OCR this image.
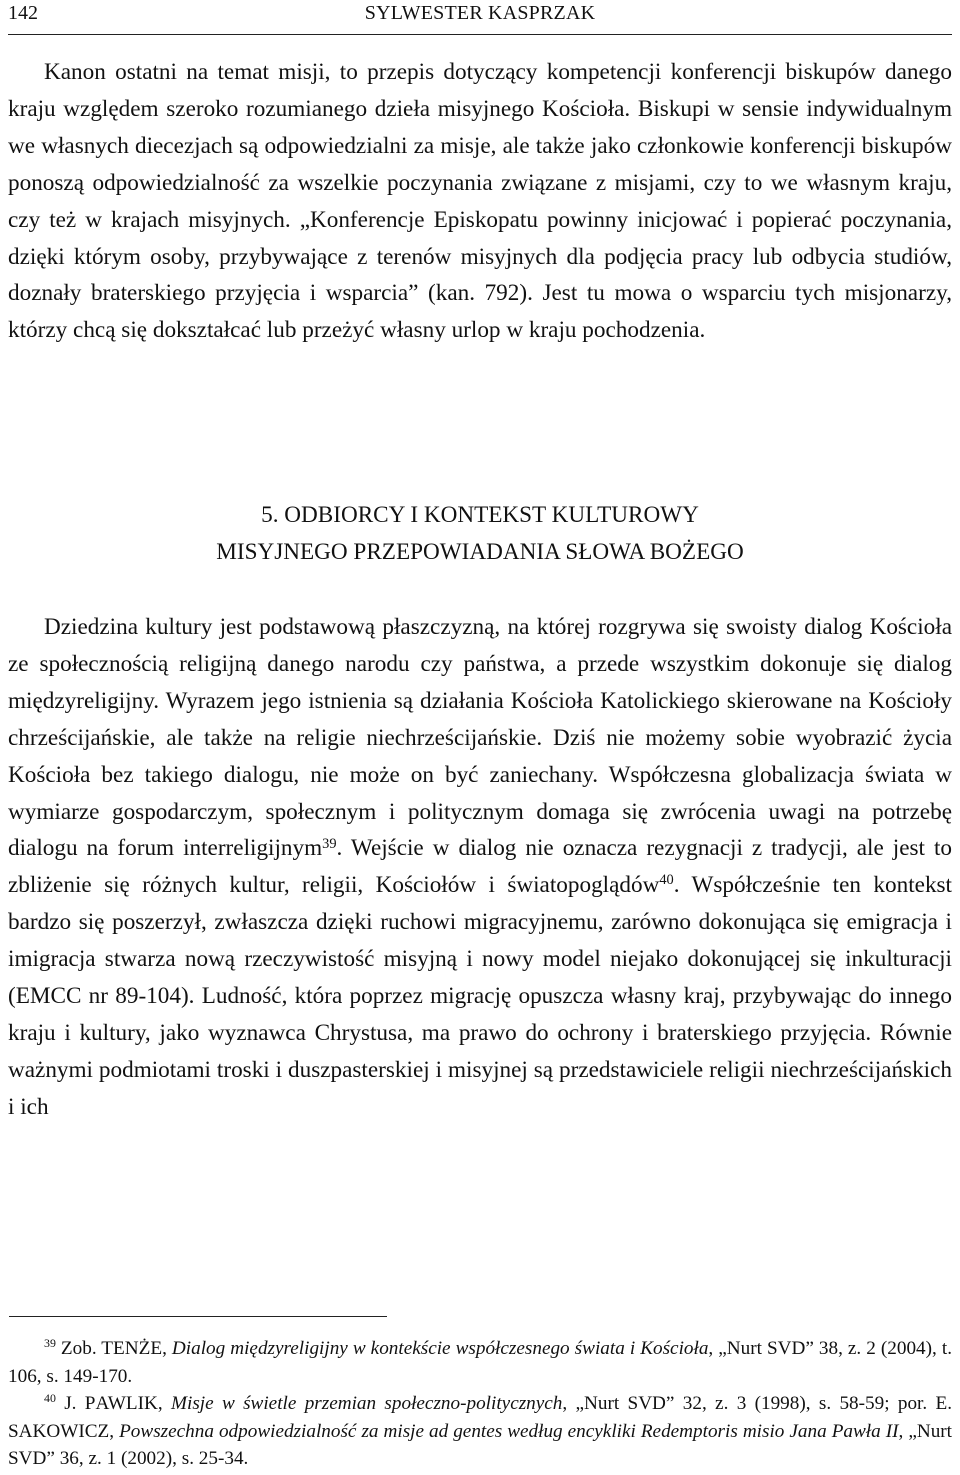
142	SYLWESTER KASPRZAK

Kanon ostatni na temat misji, to przepis dotyczący kompetencji konferencji biskupów danego kraju względem szeroko rozumianego dzieła misyjnego Kościoła. Biskupi w sensie indywidualnym we własnych diecezjach są odpowiedzialni za misje, ale także jako członkowie konferencji biskupów ponoszą odpowiedzialność za wszelkie poczynania związane z misjami, czy to we własnym kraju, czy też w krajach misyjnych. „Konferencje Episkopatu powinny inicjować i popierać poczynania, dzięki którym osoby, przybywające z terenów misyjnych dla podjęcia pracy lub odbycia studiów, doznały braterskiego przyjęcia i wsparcia” (kan. 792). Jest tu mowa o wsparciu tych misjonarzy, którzy chcą się dokształcać lub przeżyć własny urlop w kraju pochodzenia.

5. ODBIORCY I KONTEKST KULTUROWY
MISYJNEGO PRZEPOWIADANIA SŁOWA BOŻEGO

Dziedzina kultury jest podstawową płaszczyzną, na której rozgrywa się swoisty dialog Kościoła ze społecznością religijną danego narodu czy państwa, a przede wszystkim dokonuje się dialog międzyreligijny. Wyrazem jego istnienia są działania Kościoła Katolickiego skierowane na Kościoły chrześcijańskie, ale także na religie niechrześcijańskie. Dziś nie możemy sobie wyobrazić życia Kościoła bez takiego dialogu, nie może on być zaniechany. Współczesna globalizacja świata w wymiarze gospodarczym, społecznym i politycznym domaga się zwrócenia uwagi na potrzebę dialogu na forum interreligijnym$^{39}$. Wejście w dialog nie oznacza rezygnacji z tradycji, ale jest to zbliżenie się różnych kultur, religii, Kościołów i światopoglądów$^{40}$. Współcześnie ten kontekst bardzo się poszerzył, zwłaszcza dzięki ruchowi migracyjnemu, zarówno dokonująca się emigracja i imigracja stwarza nową rzeczywistość misyjną i nowy model niejako dokonującej się inkulturacji (EMCC nr 89-104). Ludność, która poprzez migrację opuszcza własny kraj, przybywając do innego kraju i kultury, jako wyznawca Chrystusa, ma prawo do ochrony i braterskiego przyjęcia. Równie ważnymi podmiotami troski i duszpasterskiej i misyjnej są przedstawiciele religii niechrześcijańskich i ich

$^{39}$ Zob. TENŻE, Dialog międzyreligijny w kontekście współczesnego świata i Kościoła, „Nurt SVD” 38, z. 2 (2004), t. 106, s. 149-170.

$^{40}$ J. PAWLIK, Misje w świetle przemian społeczno-politycznych, „Nurt SVD” 32, z. 3 (1998), s. 58-59; por. E. SAKOWICZ, Powszechna odpowiedzialność za misje ad gentes według encykliki Redemptoris misio Jana Pawła II, „Nurt SVD” 36, z. 1 (2002), s. 25-34.
